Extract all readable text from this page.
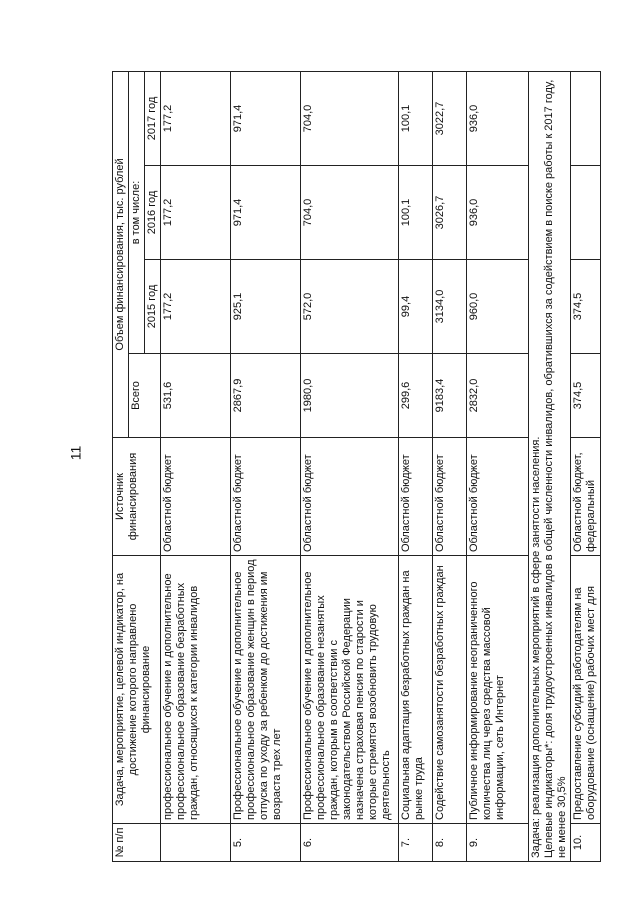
11
№ п/п	Задача, мероприятие, целевой индикатор, на достижение которого направлено финансирование	Источник финансирования	Объем финансирования, тыс. рублей			
			Всего	в том числе:		
				2015 год	2016 год	2017 год
	профессиональное обучение и дополнительное профессиональное образование безработных граждан, относящихся к категории инвалидов	Областной бюджет	531,6	177,2	177,2	177,2
5.	Профессиональное обучение и дополнительное профессиональное образование женщин в период отпуска по уходу за ребенком до достижения им возраста трех лет	Областной бюджет	2867,9	925,1	971,4	971,4
6.	Профессиональное обучение и дополнительное профессиональное образование незанятых граждан, которым в соответствии с законодательством Российской Федерации назначена страховая пенсия по старости и которые стремятся возобновить трудовую деятельность	Областной бюджет	1980,0	572,0	704,0	704,0
7.	Социальная адаптация безработных граждан на рынке труда	Областной бюджет	299,6	99,4	100,1	100,1
8.	Содействие самозанятости безработных граждан	Областной бюджет	9183,4	3134,0	3026,7	3022,7
9.	Публичное информирование неограниченного количества лиц через средства массовой информации, сеть Интернет	Областной бюджет	2832,0	960,0	936,0	936,0

Задача: реализация дополнительных мероприятий в сфере занятости населения. Целевые индикаторы*: доля трудоустроенных инвалидов в общей численности инвалидов, обратившихся за содействием в поиске работы к 2017 году, не менее 30,5%						

10.	Предоставление субсидий работодателям на оборудование (оснащение) рабочих мест для	Областной бюджет, федеральный	374,5	374,5		
